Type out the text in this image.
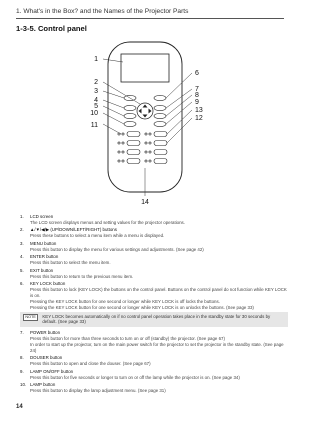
1. What's in the Box? and the Names of the Projector Parts
1-3-5. Control panel
1
2
3
4
5
10
11
6
7
8
9
13
12
14
1. LCD screen
The LCD screen displays menus and setting values for the projector operations.
2. ▲/▼/◀/▶ (UP/DOWN/LEFT/RIGHT) buttons
Press these buttons to select a menu item while a menu is displayed.
3. MENU button
Press this button to display the menu for various settings and adjustments. (See page 42)
4. ENTER button
Press this button to select the menu item.
5. EXIT button
Press this button to return to the previous menu item.
6. KEY LOCK button
Press this button to lock (KEY LOCK) the buttons on the control panel. Buttons on the control panel do not function while KEY LOCK is on.
Pressing the KEY LOCK button for one second or longer while KEY LOCK is off locks the buttons.
Pressing the KEY LOCK button for one second or longer while KEY LOCK is on unlocks the buttons. (See page 33)
NOTE	KEY LOCK becomes automatically on if no control panel operation takes place in the standby state for 30 seconds by default. (See page 33)
7. POWER button
Press this button for more than three seconds to turn on or off (standby) the projector. (See page 67)
In order to start up the projector, turn on the main power switch for the projector to set the projector in the standby state. (See page 24)
8. DOUSER button
Press this button to open and close the douser. (See page 67)
9. LAMP ON/OFF button
Press this button for five seconds or longer to turn on or off the lamp while the projector is on. (See page 34)
10. LAMP button
Press this button to display the lamp adjustment menu. (See page 31)
14
